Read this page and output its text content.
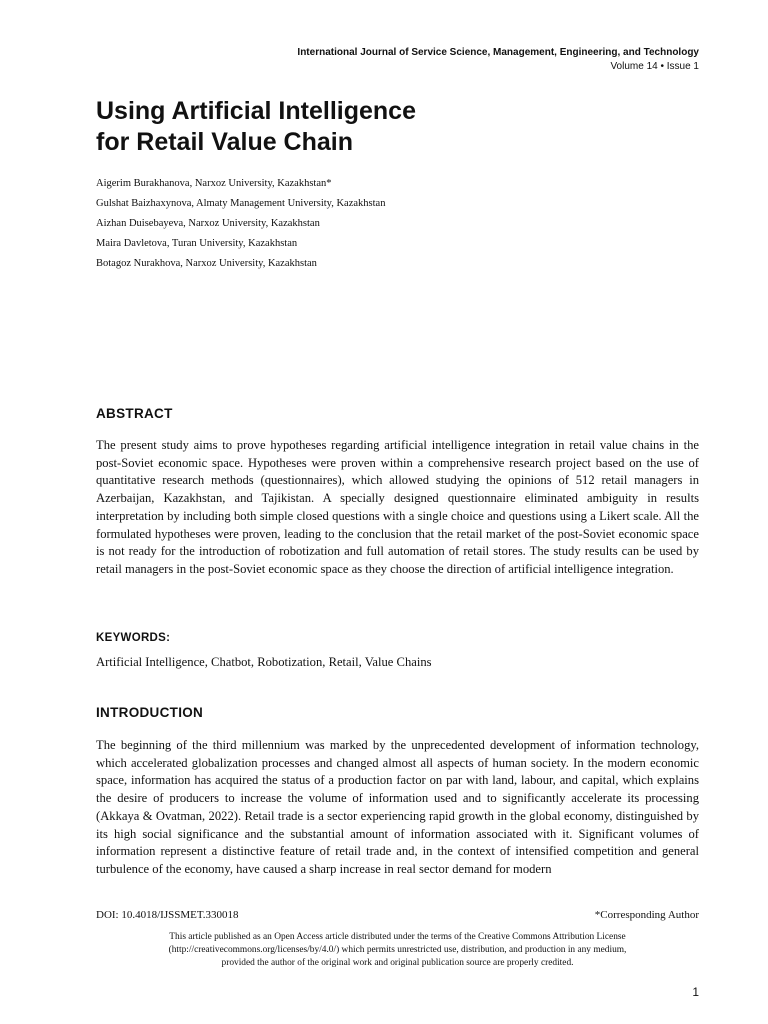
International Journal of Service Science, Management, Engineering, and Technology
Volume 14 • Issue 1
Using Artificial Intelligence
for Retail Value Chain
Aigerim Burakhanova, Narxoz University, Kazakhstan*
Gulshat Baizhaxynova, Almaty Management University, Kazakhstan
Aizhan Duisebayeva, Narxoz University, Kazakhstan
Maira Davletova, Turan University, Kazakhstan
Botagoz Nurakhova, Narxoz University, Kazakhstan
ABSTRACT

The present study aims to prove hypotheses regarding artificial intelligence integration in retail value chains in the post-Soviet economic space. Hypotheses were proven within a comprehensive research project based on the use of quantitative research methods (questionnaires), which allowed studying the opinions of 512 retail managers in Azerbaijan, Kazakhstan, and Tajikistan. A specially designed questionnaire eliminated ambiguity in results interpretation by including both simple closed questions with a single choice and questions using a Likert scale. All the formulated hypotheses were proven, leading to the conclusion that the retail market of the post-Soviet economic space is not ready for the introduction of robotization and full automation of retail stores. The study results can be used by retail managers in the post-Soviet economic space as they choose the direction of artificial intelligence integration.

KEYWORDS:

Artificial Intelligence, Chatbot, Robotization, Retail, Value Chains

INTRODUCTION

The beginning of the third millennium was marked by the unprecedented development of information technology, which accelerated globalization processes and changed almost all aspects of human society. In the modern economic space, information has acquired the status of a production factor on par with land, labour, and capital, which explains the desire of producers to increase the volume of information used and to significantly accelerate its processing (Akkaya & Ovatman, 2022). Retail trade is a sector experiencing rapid growth in the global economy, distinguished by its high social significance and the substantial amount of information associated with it. Significant volumes of information represent a distinctive feature of retail trade and, in the context of intensified competition and general turbulence of the economy, have caused a sharp increase in real sector demand for modern

DOI: 10.4018/IJSSMET.330018	*Corresponding Author
This article published as an Open Access article distributed under the terms of the Creative Commons Attribution License
(http://creativecommons.org/licenses/by/4.0/) which permits unrestricted use, distribution, and production in any medium,
provided the author of the original work and original publication source are properly credited.
1
